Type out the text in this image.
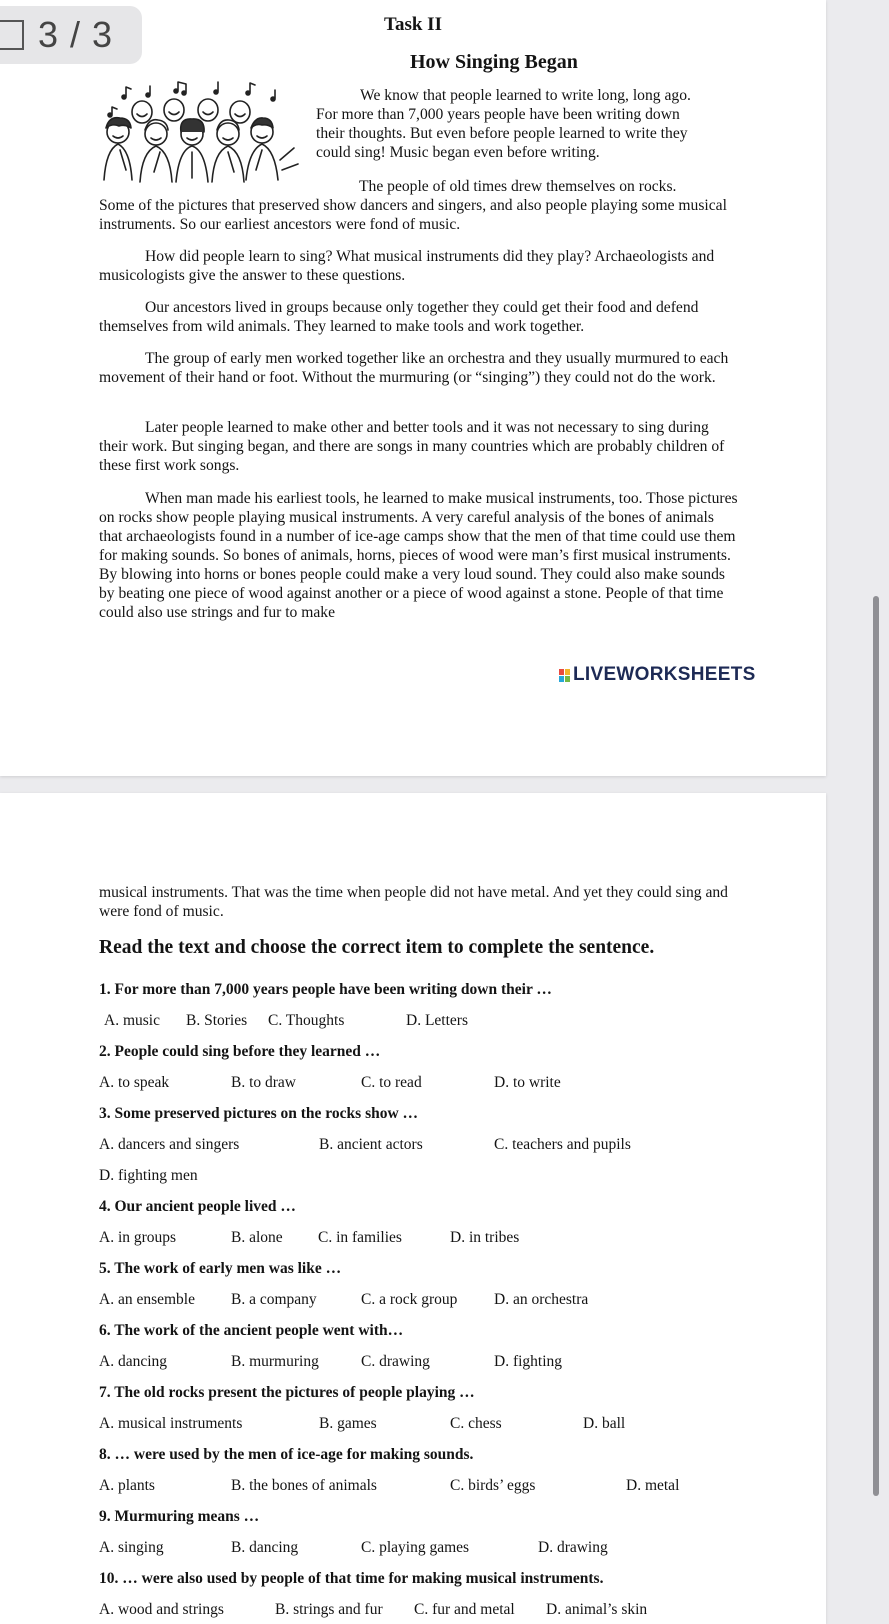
Task II
How Singing Began

We know that people learned to write long, long ago.

For more than 7,000 years people have been writing down

their thoughts. But even before people learned to write they

could sing! Music began even before writing.

The people of old times drew themselves on rocks.

Some of the pictures that preserved show dancers and singers, and also people playing some musical instruments. So our earliest ancestors were fond of music.

How did people learn to sing? What musical instruments did they play? Archaeologists and musicologists give the answer to these questions.

Our ancestors lived in groups because only together they could get their food and defend themselves from wild animals. They learned to make tools and work together.

The group of early men worked together like an orchestra and they usually murmured to each movement of their hand or foot. Without the murmuring (or “singing”) they could not do the work.

Later people learned to make other and better tools and it was not necessary to sing during their work. But singing began, and there are songs in many countries which are probably children of these first work songs.

When man made his earliest tools, he learned to make musical instruments, too. Those pictures on rocks show people playing musical instruments. A very careful analysis of the bones of animals that archaeologists found in a number of ice-age camps show that the men of that time could use them for making sounds. So bones of animals, horns, pieces of wood were man’s first musical instruments. By blowing into horns or bones people could make a very loud sound. They could also make sounds by beating one piece of wood against another or a piece of wood against a stone. People of that time could also use strings and fur to make

LIVEWORKSHEETS

musical instruments. That was the time when people did not have metal. And yet they could sing and were fond of music.

Read the text and choose the correct item to complete the sentence.
1. For more than 7,000 years people have been writing down their …
A. music B. Stories C. Thoughts	D. Letters
2. People could sing before they learned …
A. to speak	B. to draw	C. to read	D. to write
3. Some preserved pictures on the rocks show …
A. dancers and singers	B. ancient actors	C. teachers and pupils
D. fighting men
4. Our ancient people lived …
A. in groups	B. alone C. in families	D. in tribes
5. The work of early men was like …
A. an ensemble B. a company	C. a rock group D. an orchestra
6. The work of the ancient people went with…
A. dancing	B. murmuring	C. drawing	D. fighting
7. The old rocks present the pictures of people playing …
A. musical instruments	B. games	C. chess	D. ball
8. … were used by the men of ice-age for making sounds.
A. plants	B. the bones of animals	C. birds’ eggs	D. metal
9. Murmuring means …
A. singing	B. dancing	C. playing games	D. drawing
10. … were also used by people of that time for making musical instruments.
A. wood and strings	B. strings and fur C. fur and metal D. animal’s skin
3 / 3
